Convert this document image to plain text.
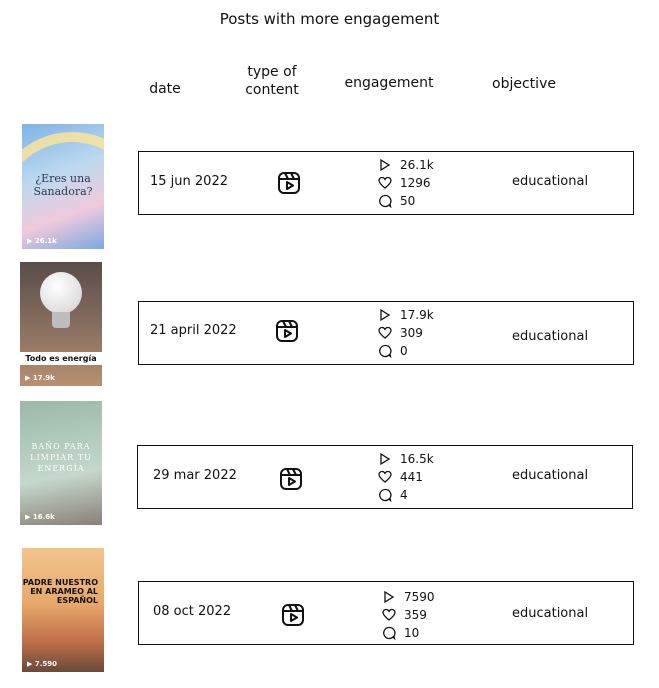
Posts with more engagement
date
type of
content	engagement	objective
¿Eres una Sanadora?
▶ 26.1k
15 jun 2022
26.1k
1296
50
educational
Todo es energía
▶ 17.9k
21 april 2022
17.9k
309
0
educational
BAÑO PARA LIMPIAR TU ENERGÍA
▶ 16.6k
29 mar 2022
16.5k
441
4
educational
PADRE NUESTRO EN ARAMEO AL ESPAÑOL
▶ 7.590
08 oct 2022
7590
359
10
educational
